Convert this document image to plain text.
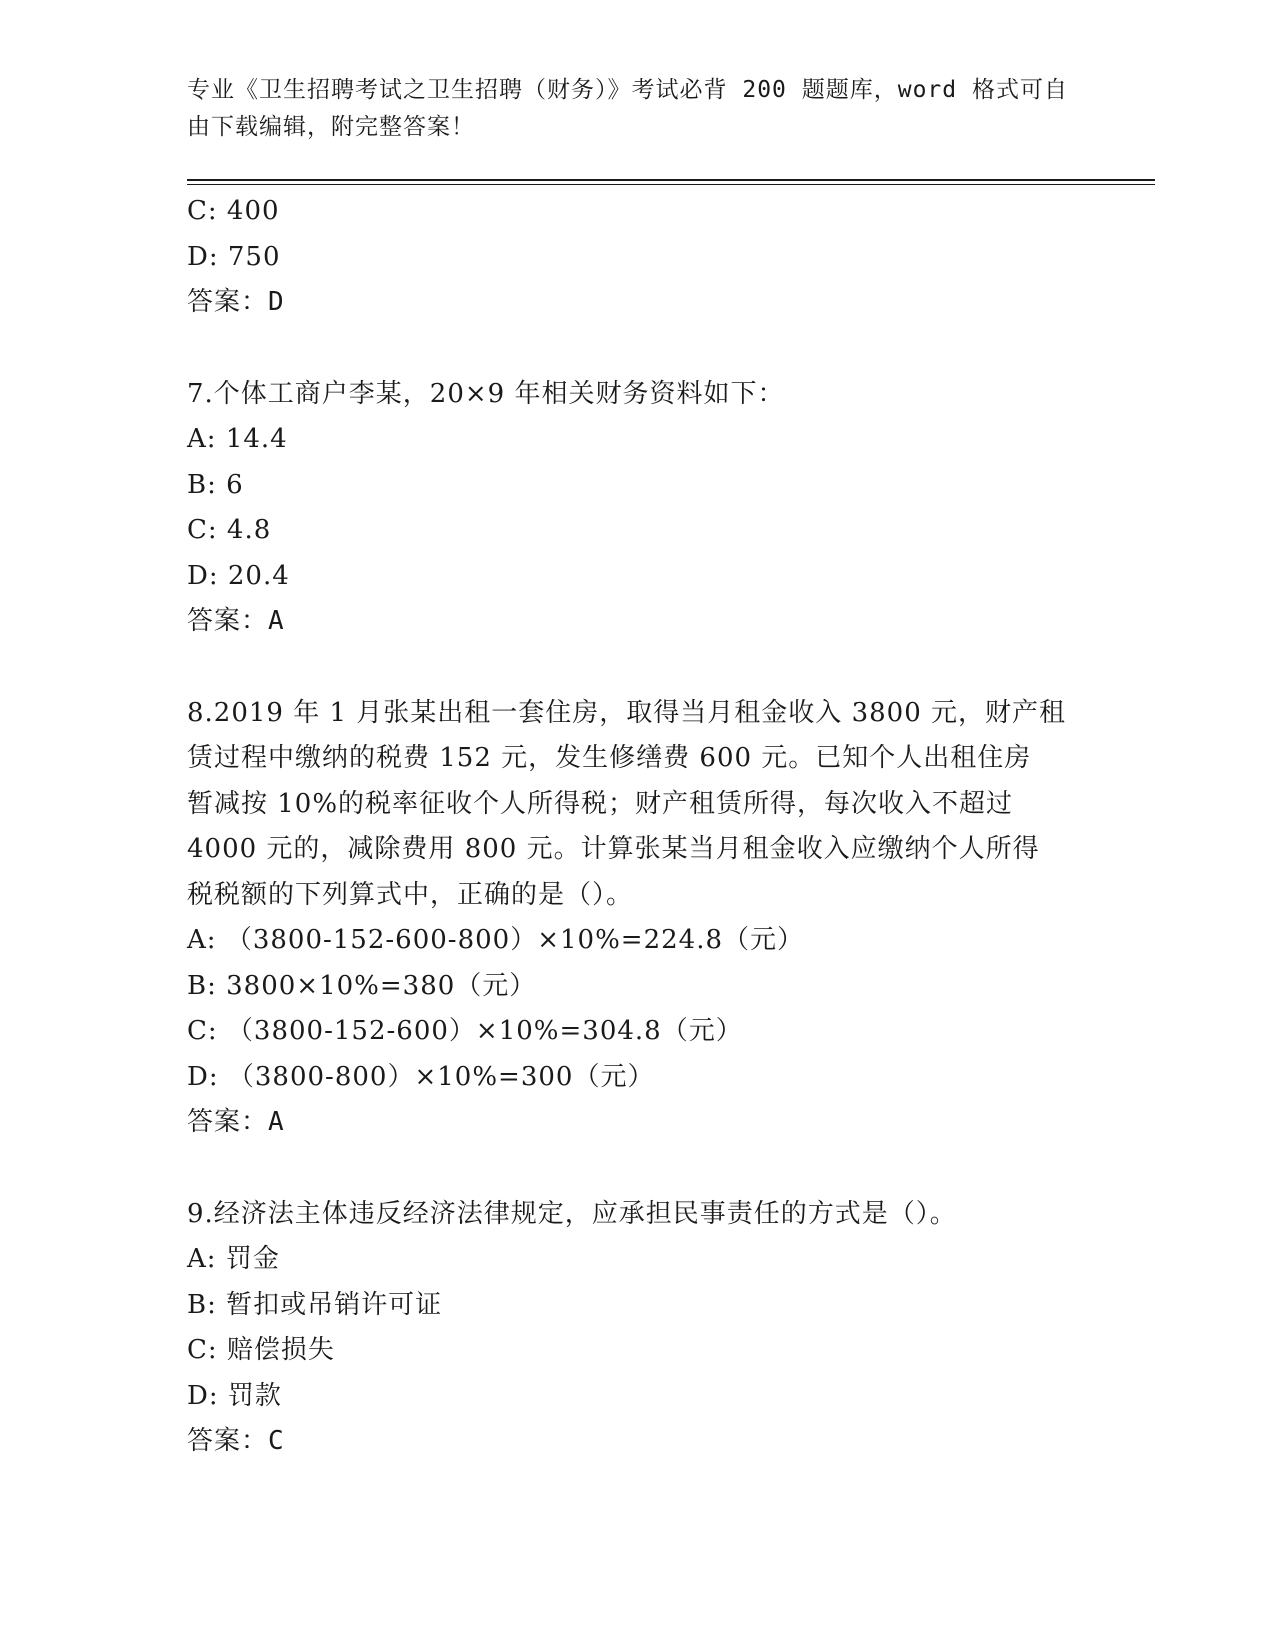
专业《卫生招聘考试之卫生招聘（财务）》考试必背 200 题题库，word 格式可自
由下载编辑，附完整答案！
C: 400
D: 750
答案：D
7.个体工商户李某，20×9 年相关财务资料如下：
A: 14.4
B: 6
C: 4.8
D: 20.4
答案：A
8.2019 年 1 月张某出租一套住房，取得当月租金收入 3800 元，财产租
赁过程中缴纳的税费 152 元，发生修缮费 600 元。已知个人出租住房
暂减按 10%的税率征收个人所得税；财产租赁所得，每次收入不超过
4000 元的，减除费用 800 元。计算张某当月租金收入应缴纳个人所得
税税额的下列算式中，正确的是（）。
A: （3800-152-600-800）×10%=224.8（元）
B: 3800×10%=380（元）
C: （3800-152-600）×10%=304.8（元）
D: （3800-800）×10%=300（元）
答案：A
9.经济法主体违反经济法律规定，应承担民事责任的方式是（）。
A: 罚金
B: 暂扣或吊销许可证
C: 赔偿损失
D: 罚款
答案：C
